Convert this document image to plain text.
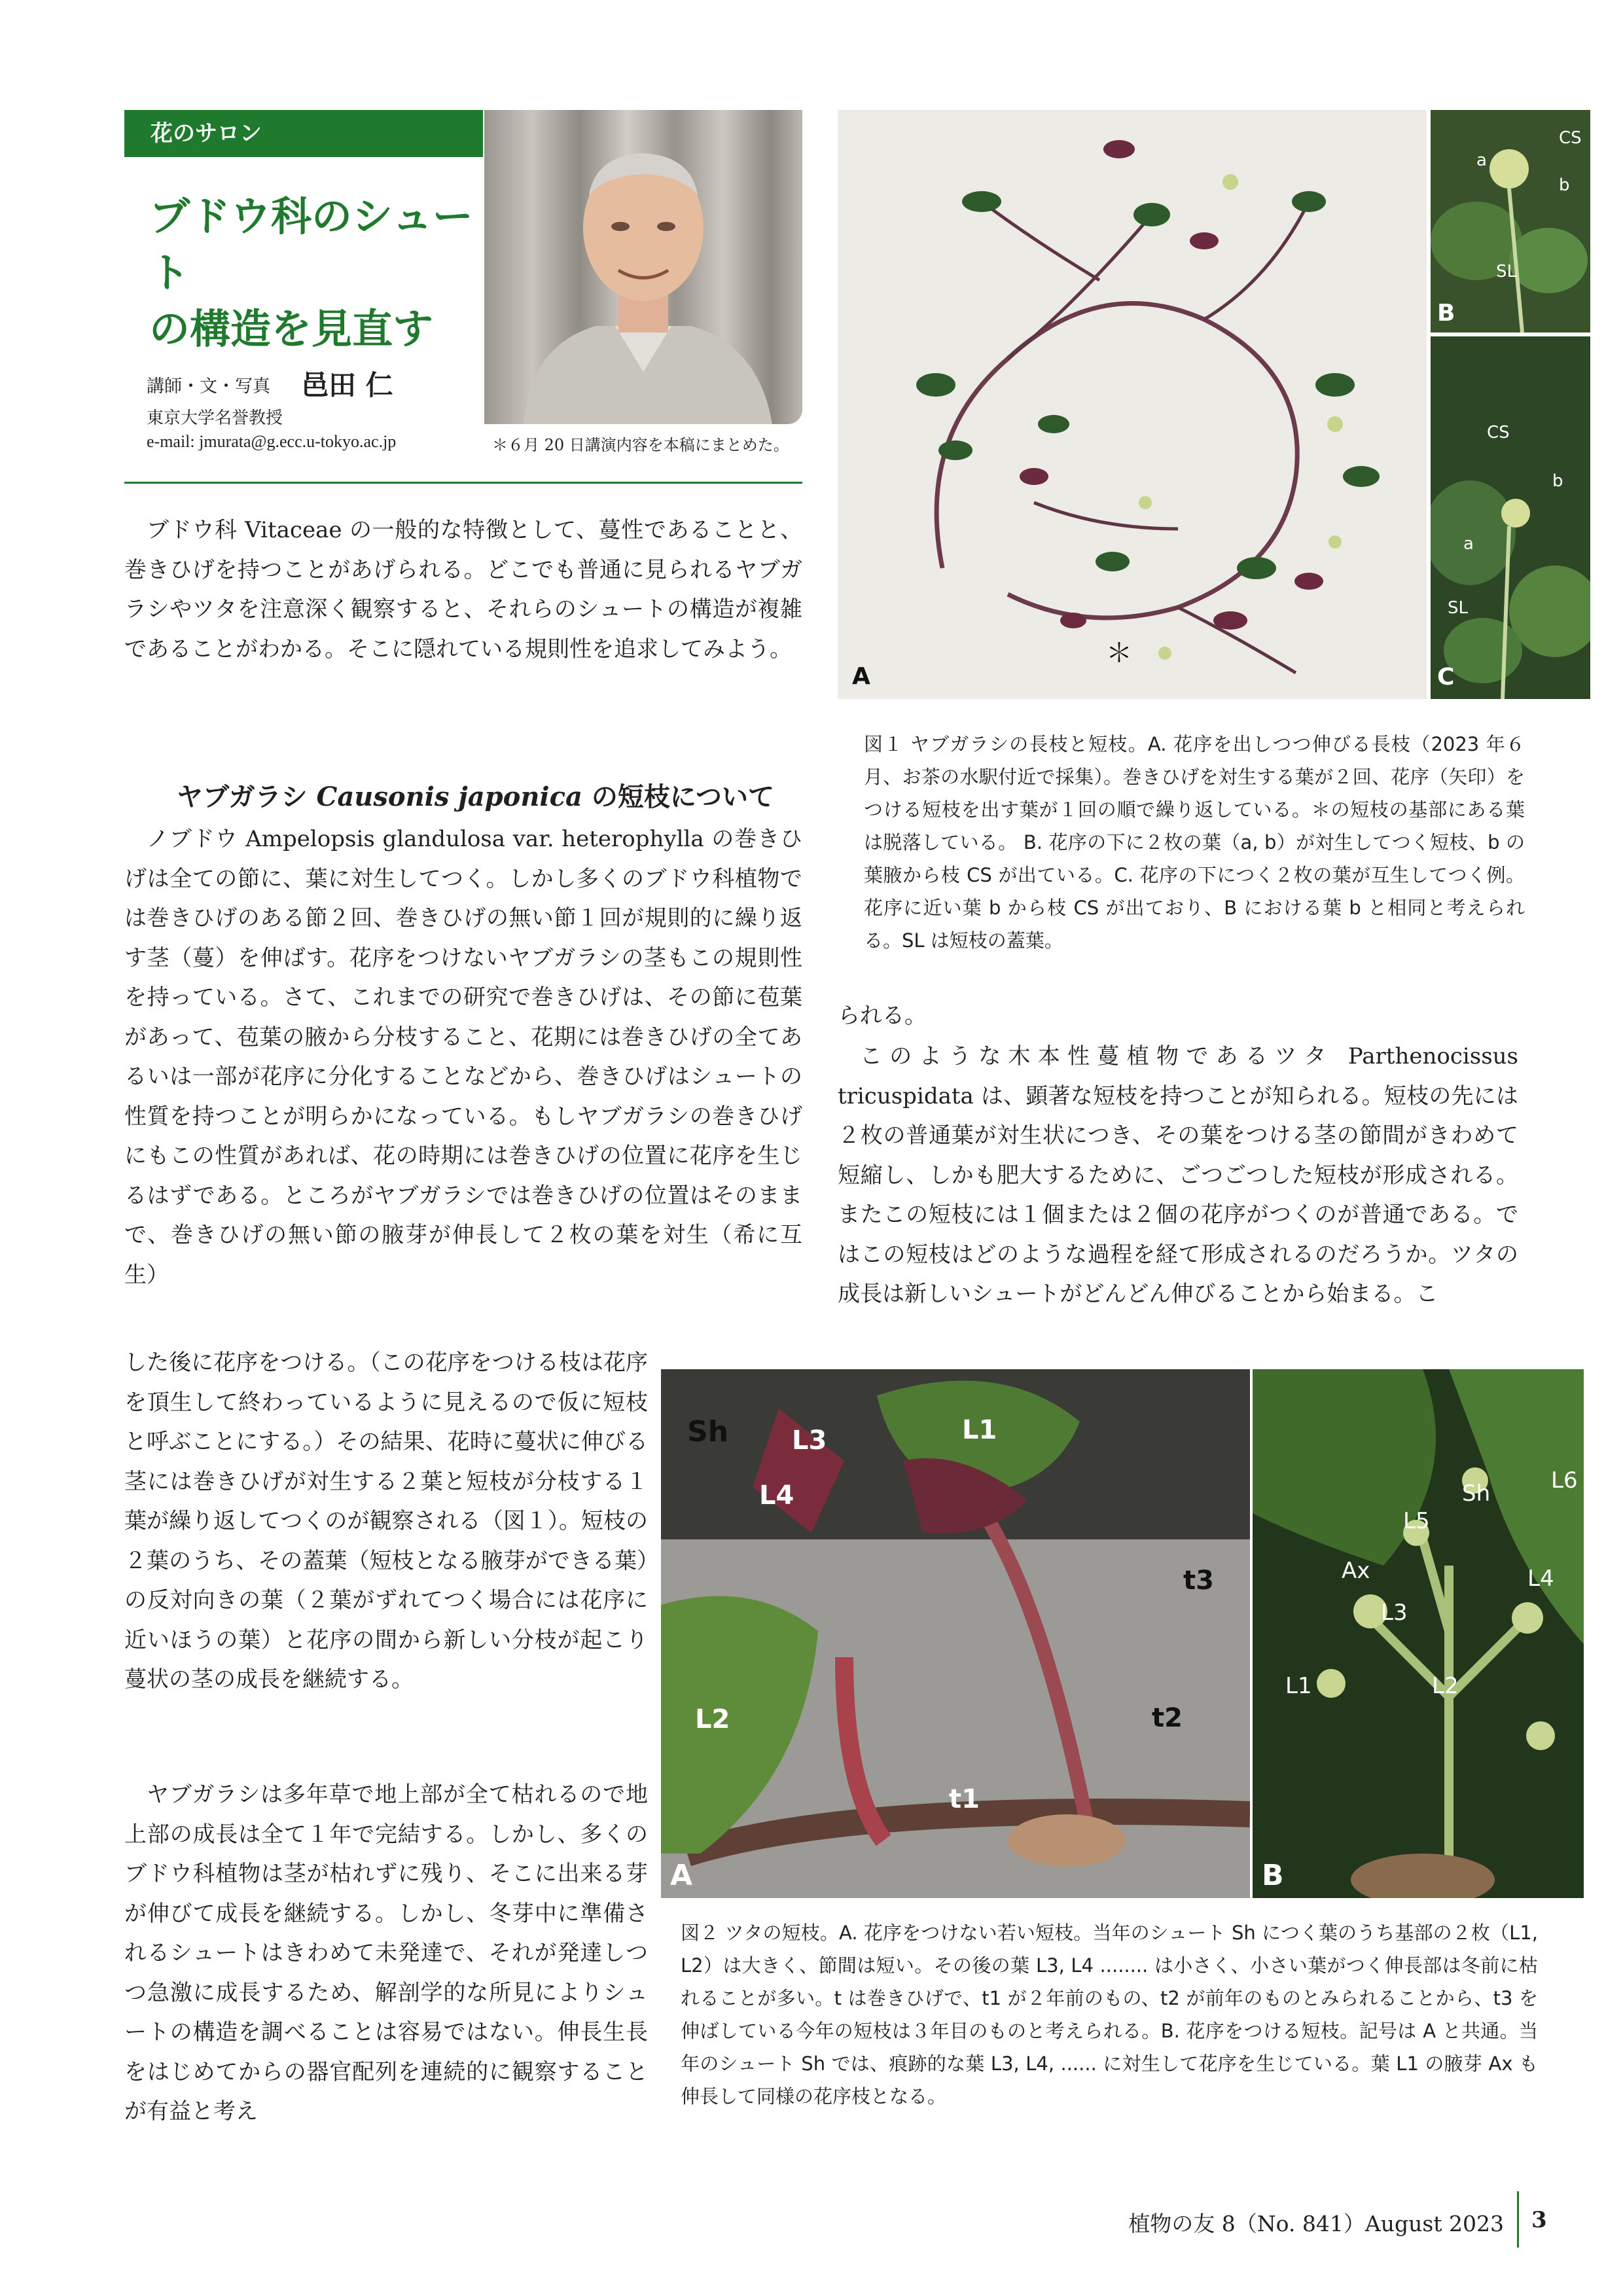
花のサロン
ブドウ科のシュート
の構造を見直す
講師・文・写真 邑田 仁
東京大学名誉教授
e-mail: jmurata@g.ecc.u-tokyo.ac.jp	＊６月 20 日講演内容を本稿にまとめた。
ブドウ科 Vitaceae の一般的な特徴として、蔓性であることと、巻きひげを持つことがあげられる。どこでも普通に見られるヤブガラシやツタを注意深く観察すると、それらのシュートの構造が複雑であることがわかる。そこに隠れている規則性を追求してみよう。
ヤブガラシ Causonis japonica の短枝について
ノブドウ Ampelopsis glandulosa var. heterophylla の巻きひげは全ての節に、葉に対生してつく。しかし多くのブドウ科植物では巻きひげのある節２回、巻きひげの無い節１回が規則的に繰り返す茎（蔓）を伸ばす。花序をつけないヤブガラシの茎もこの規則性を持っている。さて、これまでの研究で巻きひげは、その節に苞葉があって、苞葉の腋から分枝すること、花期には巻きひげの全てあるいは一部が花序に分化することなどから、巻きひげはシュートの性質を持つことが明らかになっている。もしヤブガラシの巻きひげにもこの性質があれば、花の時期には巻きひげの位置に花序を生じるはずである。ところがヤブガラシでは巻きひげの位置はそのままで、巻きひげの無い節の腋芽が伸長して２枚の葉を対生（希に互生）
した後に花序をつける。（この花序をつける枝は花序を頂生して終わっているように見えるので仮に短枝と呼ぶことにする。）その結果、花時に蔓状に伸びる茎には巻きひげが対生する２葉と短枝が分枝する１葉が繰り返してつくのが観察される（図１）。短枝の２葉のうち、その蓋葉（短枝となる腋芽ができる葉）の反対向きの葉（２葉がずれてつく場合には花序に近いほうの葉）と花序の間から新しい分枝が起こり蔓状の茎の成長を継続する。
ヤブガラシは多年草で地上部が全て枯れるので地上部の成長は全て１年で完結する。しかし、多くのブドウ科植物は茎が枯れずに残り、そこに出来る芽が伸びて成長を継続する。しかし、冬芽中に準備されるシュートはきわめて未発達で、それが発達しつつ急激に成長するため、解剖学的な所見によりシュートの構造を調べることは容易ではない。伸長生長をはじめてからの器官配列を連続的に観察することが有益と考え
A
＊
B
a
b
CS
SL
C
CS
b
a
SL
図１ ヤブガラシの長枝と短枝。A. 花序を出しつつ伸びる長枝（2023 年６月、お茶の水駅付近で採集）。巻きひげを対生する葉が２回、花序（矢印）をつける短枝を出す葉が１回の順で繰り返している。＊の短枝の基部にある葉は脱落している。 B. 花序の下に２枚の葉（a, b）が対生してつく短枝、b の葉腋から枝 CS が出ている。C. 花序の下につく２枚の葉が互生してつく例。花序に近い葉 b から枝 CS が出ており、B における葉 b と相同と考えられる。SL は短枝の蓋葉。
られる。
このような木本性蔓植物であるツタ Parthenocissus tricuspidata は、顕著な短枝を持つことが知られる。短枝の先には２枚の普通葉が対生状につき、その葉をつける茎の節間がきわめて短縮し、しかも肥大するために、ごつごつした短枝が形成される。またこの短枝には１個または２個の花序がつくのが普通である。ではこの短枝はどのような過程を経て形成されるのだろうか。ツタの成長は新しいシュートがどんどん伸びることから始まる。こ
Sh L3
L4
L1
L2
t3
t2
t1
A
Sh	L6
L5
Ax	L4
L3
L1	L2
B
図２ ツタの短枝。A. 花序をつけない若い短枝。当年のシュート Sh につく葉のうち基部の２枚（L1, L2）は大きく、節間は短い。その後の葉 L3, L4 ........ は小さく、小さい葉がつく伸長部は冬前に枯れることが多い。t は巻きひげで、t1 が２年前のもの、t2 が前年のものとみられることから、t3 を伸ばしている今年の短枝は３年目のものと考えられる。B. 花序をつける短枝。記号は A と共通。当年のシュート Sh では、痕跡的な葉 L3, L4, ...... に対生して花序を生じている。葉 L1 の腋芽 Ax も伸長して同様の花序枝となる。
植物の友 8（No. 841）August 2023 3
